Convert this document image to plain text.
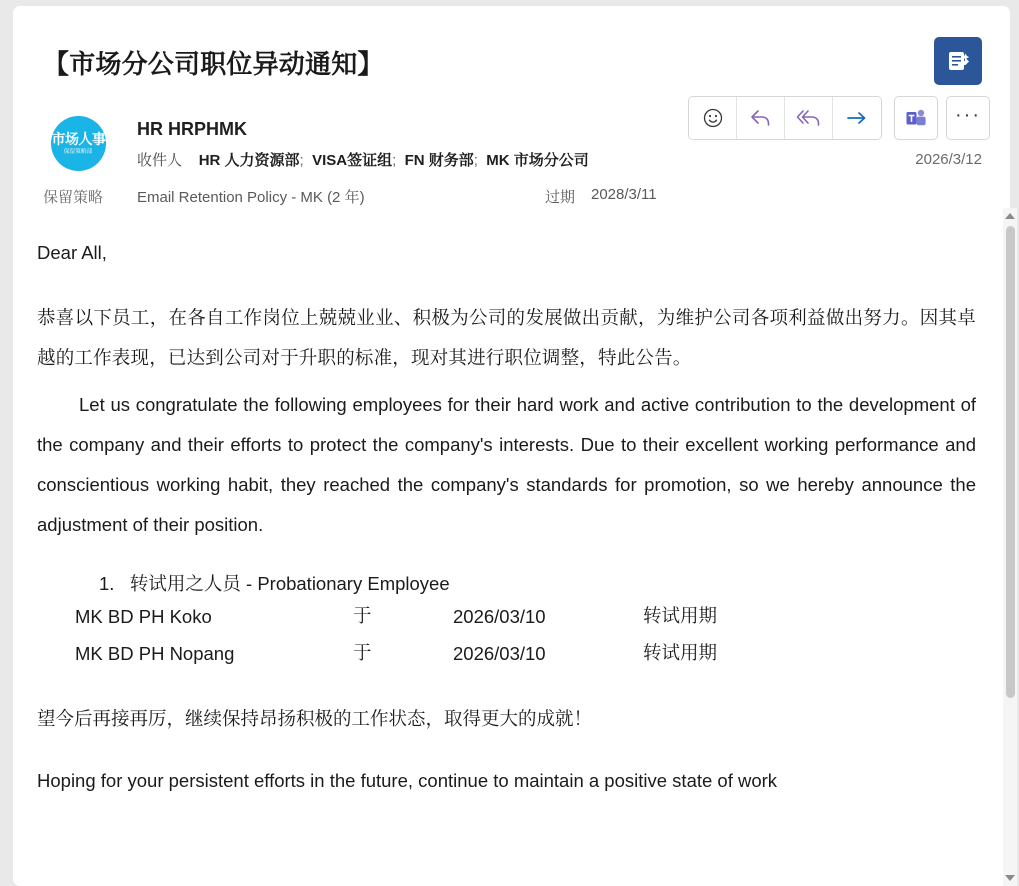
【市场分公司职位异动通知】
市场人事
保留策略部
HR HRPHMK
收件人 HR 人力资源部;  VISA签证组;  FN 财务部;  MK 市场分公司
保留策略 Email Retention Policy - MK (2 年)	过期 2028/3/11
2026/3/12
···
Dear All,
恭喜以下员工，在各自工作岗位上兢兢业业、积极为公司的发展做出贡献，为维护公司各项利益做出努力。因其卓越的工作表现，已达到公司对于升职的标准，现对其进行职位调整，特此公告。
Let us congratulate the following employees for their hard work and active contribution to the development of the company and their efforts to protect the company's interests. Due to their excellent working performance and conscientious working habit, they reached the company's standards for promotion, so we hereby announce the adjustment of their position.
1. 转试用之人员 - Probationary Employee
MK BD PH Koko	于	2026/03/10	转试用期
MK BD PH Nopang	于	2026/03/10	转试用期
望今后再接再厉，继续保持昂扬积极的工作状态，取得更大的成就！
Hoping for your persistent efforts in the future, continue to maintain a positive state of work
